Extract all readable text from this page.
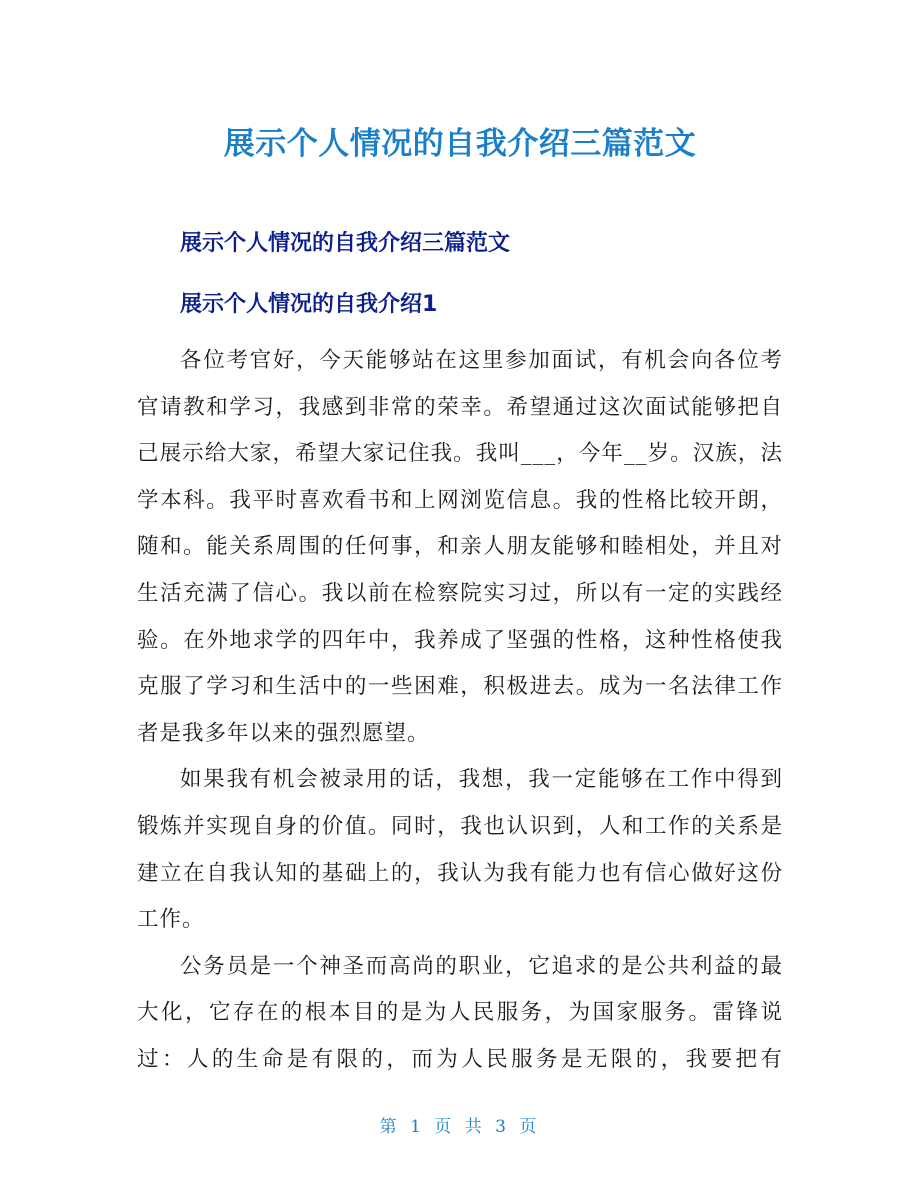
展示个人情况的自我介绍三篇范文
展示个人情况的自我介绍三篇范文
展示个人情况的自我介绍1

各位考官好，今天能够站在这里参加面试，有机会向各位考官请教和学习，我感到非常的荣幸。希望通过这次面试能够把自己展示给大家，希望大家记住我。我叫___，今年__岁。汉族，法学本科。我平时喜欢看书和上网浏览信息。我的性格比较开朗，随和。能关系周围的任何事，和亲人朋友能够和睦相处，并且对生活充满了信心。我以前在检察院实习过，所以有一定的实践经验。在外地求学的四年中，我养成了坚强的性格，这种性格使我克服了学习和生活中的一些困难，积极进去。成为一名法律工作者是我多年以来的强烈愿望。

如果我有机会被录用的话，我想，我一定能够在工作中得到锻炼并实现自身的价值。同时，我也认识到，人和工作的关系是建立在自我认知的基础上的，我认为我有能力也有信心做好这份工作。

公务员是一个神圣而高尚的职业，它追求的是公共利益的最大化，它存在的根本目的是为人民服务，为国家服务。雷锋说过：人的生命是有限的，而为人民服务是无限的，我要把有

第 1 页 共 3 页
